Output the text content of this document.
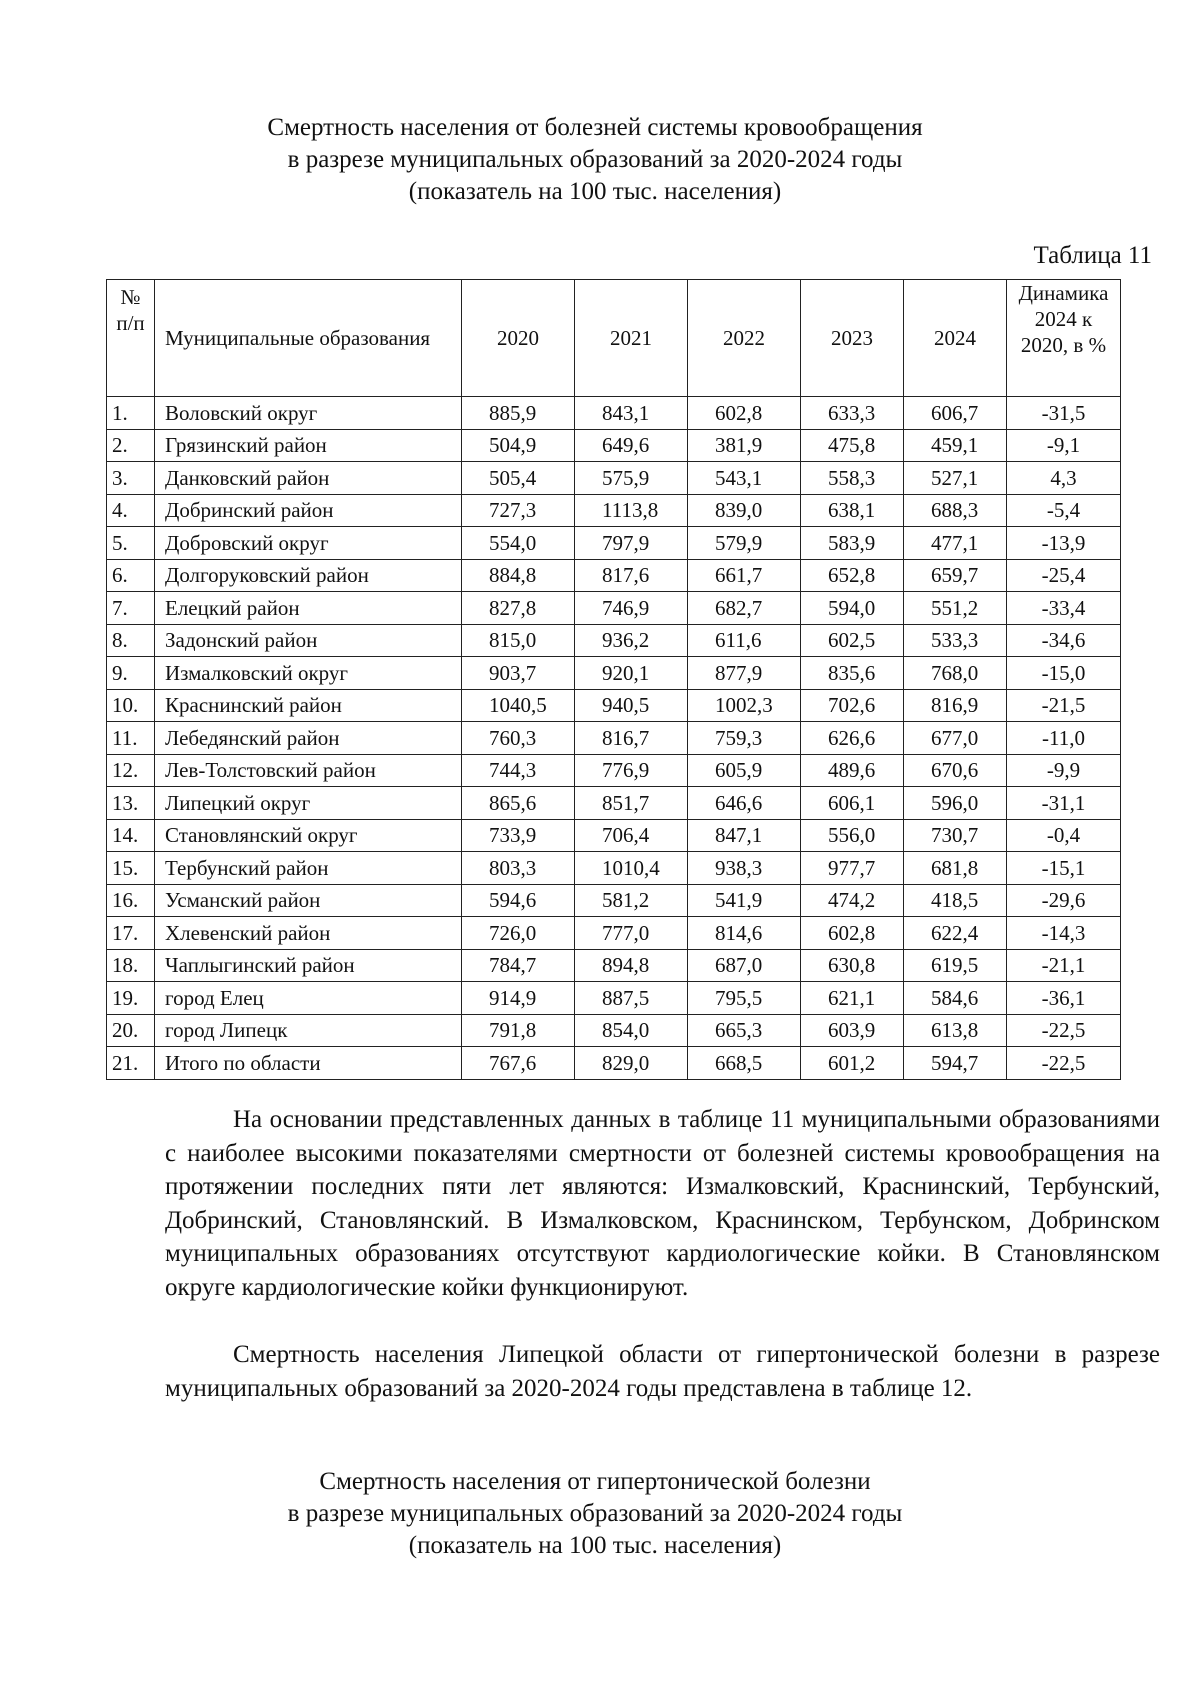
Смертность населения от болезней системы кровообращения
в разрезе муниципальных образований за 2020-2024 годы
(показатель на 100 тыс. населения)
Таблица 11
№
п/п	Муниципальные образования	2020	2021	2022	2023	2024	Динамика 2024 к 2020, в %
1.	Воловский округ	885,9	843,1	602,8	633,3	606,7	-31,5
2.	Грязинский район	504,9	649,6	381,9	475,8	459,1	-9,1
3.	Данковский район	505,4	575,9	543,1	558,3	527,1	4,3
4.	Добринский район	727,3	1113,8	839,0	638,1	688,3	-5,4
5.	Добровский округ	554,0	797,9	579,9	583,9	477,1	-13,9
6.	Долгоруковский район	884,8	817,6	661,7	652,8	659,7	-25,4
7.	Елецкий район	827,8	746,9	682,7	594,0	551,2	-33,4
8.	Задонский район	815,0	936,2	611,6	602,5	533,3	-34,6
9.	Измалковский округ	903,7	920,1	877,9	835,6	768,0	-15,0
10.	Краснинский район	1040,5	940,5	1002,3	702,6	816,9	-21,5
11.	Лебедянский район	760,3	816,7	759,3	626,6	677,0	-11,0
12.	Лев-Толстовский район	744,3	776,9	605,9	489,6	670,6	-9,9
13.	Липецкий округ	865,6	851,7	646,6	606,1	596,0	-31,1
14.	Становлянский округ	733,9	706,4	847,1	556,0	730,7	-0,4
15.	Тербунский район	803,3	1010,4	938,3	977,7	681,8	-15,1
16.	Усманский район	594,6	581,2	541,9	474,2	418,5	-29,6
17.	Хлевенский район	726,0	777,0	814,6	602,8	622,4	-14,3
18.	Чаплыгинский район	784,7	894,8	687,0	630,8	619,5	-21,1
19.	город Елец	914,9	887,5	795,5	621,1	584,6	-36,1
20.	город Липецк	791,8	854,0	665,3	603,9	613,8	-22,5
21.	Итого по области	767,6	829,0	668,5	601,2	594,7	-22,5
На основании представленных данных в таблице 11 муниципальными образованиями с наиболее высокими показателями смертности от болезней системы кровообращения на протяжении последних пяти лет являются: Измалковский, Краснинский, Тербунский, Добринский, Становлянский. В Измалковском, Краснинском, Тербунском, Добринском муниципальных образованиях отсутствуют кардиологические койки. В Становлянском округе кардиологические койки функционируют.
Смертность населения Липецкой области от гипертонической болезни в разрезе муниципальных образований за 2020-2024 годы представлена в таблице 12.
Смертность населения от гипертонической болезни
в разрезе муниципальных образований за 2020-2024 годы
(показатель на 100 тыс. населения)
